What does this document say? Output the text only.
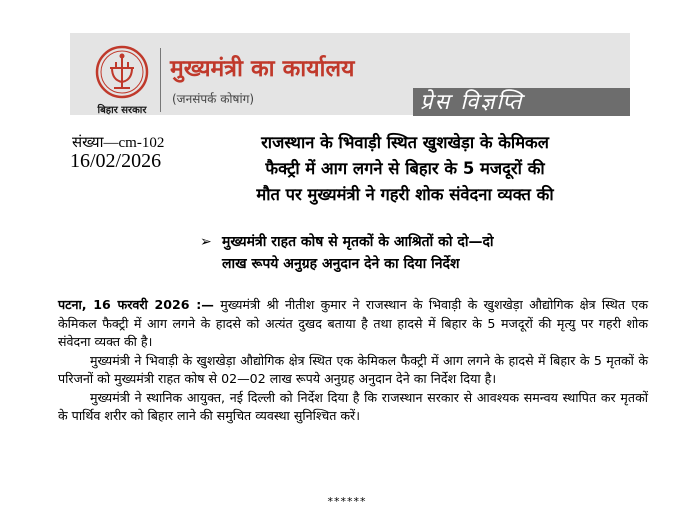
बिहार सरकार
मुख्यमंत्री का कार्यालय
(जनसंपर्क कोषांग)	प्रेस विज्ञप्ति
संख्या—cm-102
16/02/2026
राजस्थान के भिवाड़ी स्थित खुशखेड़ा के केमिकल
फैक्ट्री में आग लगने से बिहार के 5 मजदूरों की
मौत पर मुख्यमंत्री ने गहरी शोक संवेदना व्यक्त की
➢ मुख्यमंत्री राहत कोष से मृतकों के आश्रितों को दो—दो
लाख रूपये अनुग्रह अनुदान देने का दिया निर्देश

पटना, 16 फरवरी 2026 :— मुख्यमंत्री श्री नीतीश कुमार ने राजस्थान के भिवाड़ी के खुशखेड़ा औद्योगिक क्षेत्र स्थित एक केमिकल फैक्ट्री में आग लगने के हादसे को अत्यंत दुखद बताया है तथा हादसे में बिहार के 5 मजदूरों की मृत्यु पर गहरी शोक संवेदना व्यक्त की है।

मुख्यमंत्री ने भिवाड़ी के खुशखेड़ा औद्योगिक क्षेत्र स्थित एक केमिकल फैक्ट्री में आग लगने के हादसे में बिहार के 5 मृतकों के परिजनों को मुख्यमंत्री राहत कोष से 02—02 लाख रूपये अनुग्रह अनुदान देने का निर्देश दिया है।

मुख्यमंत्री ने स्थानिक आयुक्त, नई दिल्ली को निर्देश दिया है कि राजस्थान सरकार से आवश्यक समन्वय स्थापित कर मृतकों के पार्थिव शरीर को बिहार लाने की समुचित व्यवस्था सुनिश्चित करें।

******
